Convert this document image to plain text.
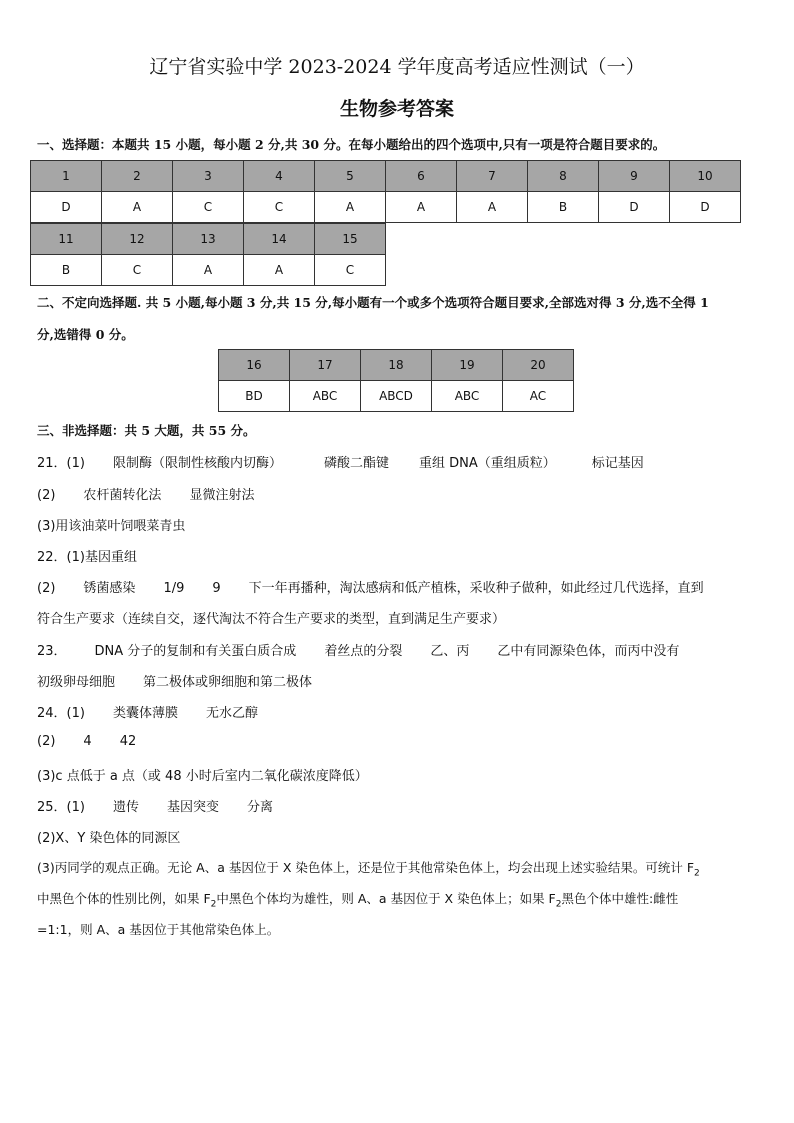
辽宁省实验中学 2023-2024 学年度高考适应性测试（一）
生物参考答案
一、选择题：本题共 15 小题，每小题 2 分,共 30 分。在每小题给出的四个选项中,只有一项是符合题目要求的。
1	2	3	4	5	6	7	8	9	10
D	A	C	C	A	A	A	B	D	D
11	12	13	14	15
B	C	A	A	C
二、不定向选择题. 共 5 小题,每小题 3 分,共 15 分,每小题有一个或多个选项符合题目要求,全部选对得 3 分,选不全得 1
分,选错得 0 分。
16	17	18	19	20
BD	ABC	ABCD	ABC	AC
三、非选择题：共 5 大题，共 55 分。
21．(1) 限制酶（限制性核酸内切酶）	磷酸二酯键 重组 DNA（重组质粒）	标记基因
(2) 农杆菌转化法 显微注射法
(3)用该油菜叶饲喂菜青虫
22．(1)基因重组
(2) 锈菌感染 1/9 9 下一年再播种，淘汰感病和低产植株，采收种子做种，如此经过几代选择，直到
符合生产要求（连续自交，逐代淘汰不符合生产要求的类型，直到满足生产要求）
23． DNA 分子的复制和有关蛋白质合成 着丝点的分裂 乙、丙 乙中有同源染色体，而丙中没有
初级卵母细胞 第二极体或卵细胞和第二极体
24．(1) 类囊体薄膜 无水乙醇
(2) 4 42
(3)c 点低于 a 点（或 48 小时后室内二氧化碳浓度降低）
25．(1) 遗传 基因突变 分离
(2)X、Y 染色体的同源区
(3)丙同学的观点正确。无论 A、a 基因位于 X 染色体上，还是位于其他常染色体上，均会出现上述实验结果。可统计 $F_2$
中黑色个体的性别比例，如果 $F_2$中黑色个体均为雄性，则 A、a 基因位于 X 染色体上；如果 $F_2$黑色个体中雄性:雌性
=1:1，则 A、a 基因位于其他常染色体上。
